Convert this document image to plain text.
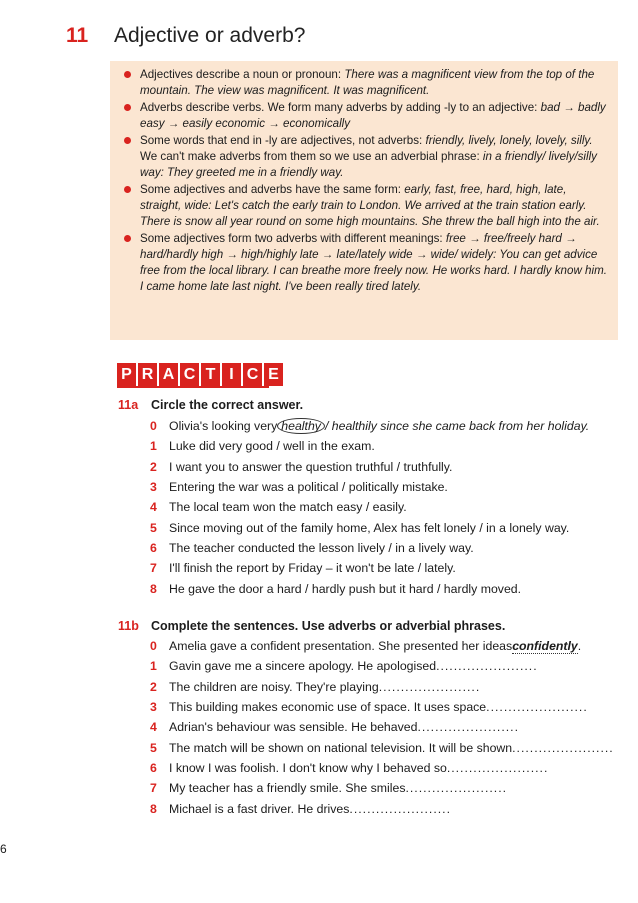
11	Adjective or adverb?
Adjectives describe a noun or pronoun: There was a magnificent view from the top of the mountain. The view was magnificent. It was magnificent.
Adverbs describe verbs. We form many adverbs by adding -ly to an adjective: bad → badly easy → easily economic → economically
Some words that end in -ly are adjectives, not adverbs: friendly, lively, lonely, lovely, silly. We can't make adverbs from them so we use an adverbial phrase: in a friendly/ lively/silly way: They greeted me in a friendly way.
Some adjectives and adverbs have the same form: early, fast, free, hard, high, late, straight, wide: Let's catch the early train to London. We arrived at the train station early. There is snow all year round on some high mountains. She threw the ball high into the air.
Some adjectives form two adverbs with different meanings: free → free/freely hard → hard/hardly high → high/highly late → late/lately wide → wide/ widely: You can get advice free from the local library. I can breathe more freely now. He works hard. I hardly know him. I came home late last night. I've been really tired lately.
P R A C T I C E
11a	Circle the correct answer.
0 Olivia's looking very healthy / healthily since she came back from her holiday.
1 Luke did very good / well in the exam.
2 I want you to answer the question truthful / truthfully.
3 Entering the war was a political / politically mistake.
4 The local team won the match easy / easily.
5 Since moving out of the family home, Alex has felt lonely / in a lonely way.
6 The teacher conducted the lesson lively / in a lively way.
7 I'll finish the report by Friday – it won't be late / lately.
8 He gave the door a hard / hardly push but it hard / hardly moved.
11b Complete the sentences. Use adverbs or adverbial phrases.
0 Amelia gave a confident presentation. She presented her ideas confidently .
1 Gavin gave me a sincere apology. He apologised ...................... .
2 The children are noisy. They're playing ...................... .
3 This building makes economic use of space. It uses space ...................... .
4 Adrian's behaviour was sensible. He behaved ...................... .
5 The match will be shown on national television. It will be shown ...................... .
6 I know I was foolish. I don't know why I behaved so ...................... .
7 My teacher has a friendly smile. She smiles ...................... .
8 Michael is a fast driver. He drives ...................... .
6
